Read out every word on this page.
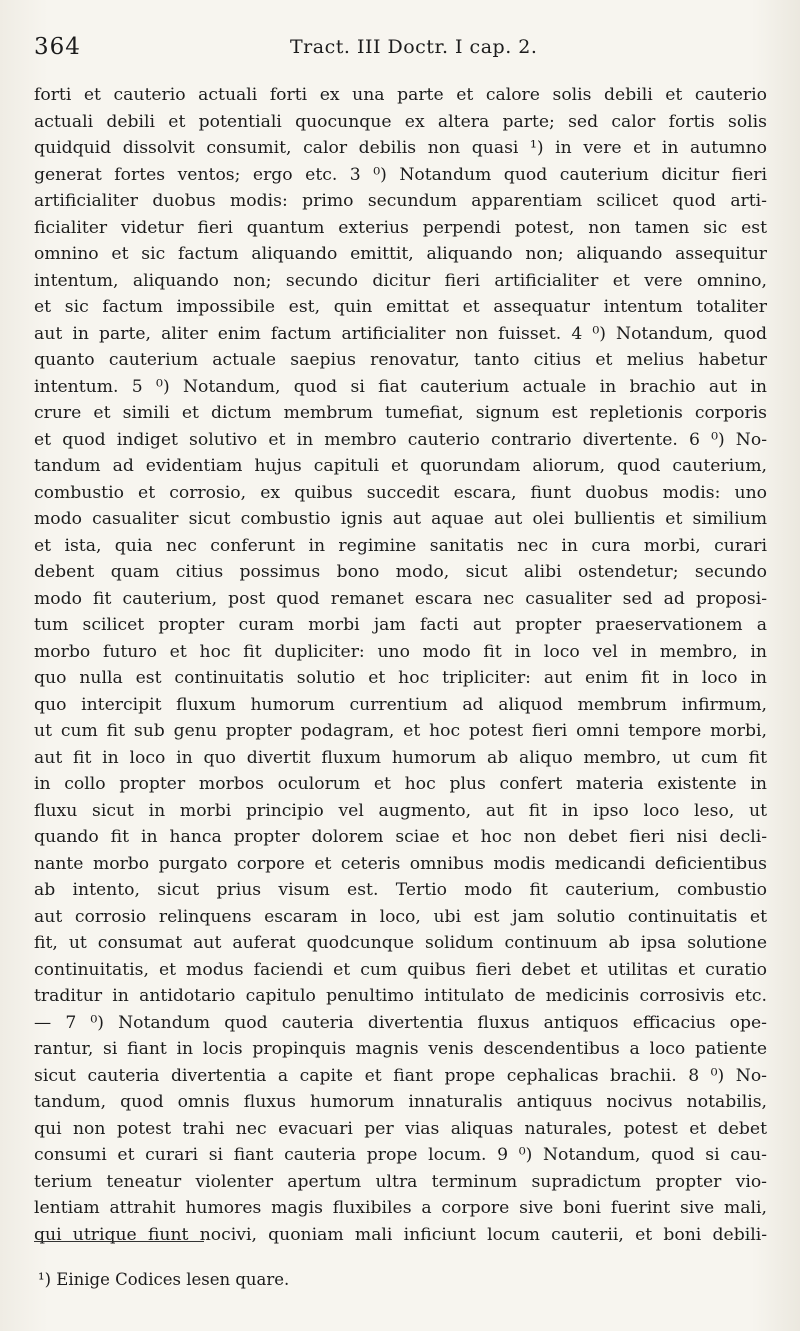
364	Tract. III Doctr. I cap. 2.
forti et cauterio actuali forti ex una parte et calore solis debili et cauterio
actuali debili et potentiali quocunque ex altera parte; sed calor fortis solis
quidquid dissolvit consumit, calor debilis non quasi ¹) in vere et in autumno
generat fortes ventos; ergo etc. 3 ⁰) Notandum quod cauterium dicitur fieri
artificialiter duobus modis: primo secundum apparentiam scilicet quod arti-
ficialiter videtur fieri quantum exterius perpendi potest, non tamen sic est
omnino et sic factum aliquando emittit, aliquando non; aliquando assequitur
intentum, aliquando non; secundo dicitur fieri artificialiter et vere omnino,
et sic factum impossibile est, quin emittat et assequatur intentum totaliter
aut in parte, aliter enim factum artificialiter non fuisset. 4 ⁰) Notandum, quod
quanto cauterium actuale saepius renovatur, tanto citius et melius habetur
intentum. 5 ⁰) Notandum, quod si fiat cauterium actuale in brachio aut in
crure et simili et dictum membrum tumefiat, signum est repletionis corporis
et quod indiget solutivo et in membro cauterio contrario divertente. 6 ⁰) No-
tandum ad evidentiam hujus capituli et quorundam aliorum, quod cauterium,
combustio et corrosio, ex quibus succedit escara, fiunt duobus modis: uno
modo casualiter sicut combustio ignis aut aquae aut olei bullientis et similium
et ista, quia nec conferunt in regimine sanitatis nec in cura morbi, curari
debent quam citius possimus bono modo, sicut alibi ostendetur; secundo
modo fit cauterium, post quod remanet escara nec casualiter sed ad proposi-
tum scilicet propter curam morbi jam facti aut propter praeservationem a
morbo futuro et hoc fit dupliciter: uno modo fit in loco vel in membro, in
quo nulla est continuitatis solutio et hoc tripliciter: aut enim fit in loco in
quo intercipit fluxum humorum currentium ad aliquod membrum infirmum,
ut cum fit sub genu propter podagram, et hoc potest fieri omni tempore morbi,
aut fit in loco in quo divertit fluxum humorum ab aliquo membro, ut cum fit
in collo propter morbos oculorum et hoc plus confert materia existente in
fluxu sicut in morbi principio vel augmento, aut fit in ipso loco leso, ut
quando fit in hanca propter dolorem sciae et hoc non debet fieri nisi decli-
nante morbo purgato corpore et ceteris omnibus modis medicandi deficientibus
ab intento, sicut prius visum est. Tertio modo fit cauterium, combustio
aut corrosio relinquens escaram in loco, ubi est jam solutio continuitatis et
fit, ut consumat aut auferat quodcunque solidum continuum ab ipsa solutione
continuitatis, et modus faciendi et cum quibus fieri debet et utilitas et curatio
traditur in antidotario capitulo penultimo intitulato de medicinis corrosivis etc.
— 7 ⁰) Notandum quod cauteria divertentia fluxus antiquos efficacius ope-
rantur, si fiant in locis propinquis magnis venis descendentibus a loco patiente
sicut cauteria divertentia a capite et fiant prope cephalicas brachii. 8 ⁰) No-
tandum, quod omnis fluxus humorum innaturalis antiquus nocivus notabilis,
qui non potest trahi nec evacuari per vias aliquas naturales, potest et debet
consumi et curari si fiant cauteria prope locum. 9 ⁰) Notandum, quod si cau-
terium teneatur violenter apertum ultra terminum supradictum propter vio-
lentiam attrahit humores magis fluxibiles a corpore sive boni fuerint sive mali,
qui utrique fiunt nocivi, quoniam mali inficiunt locum cauterii, et boni debili-
¹) Einige Codices lesen quare.
